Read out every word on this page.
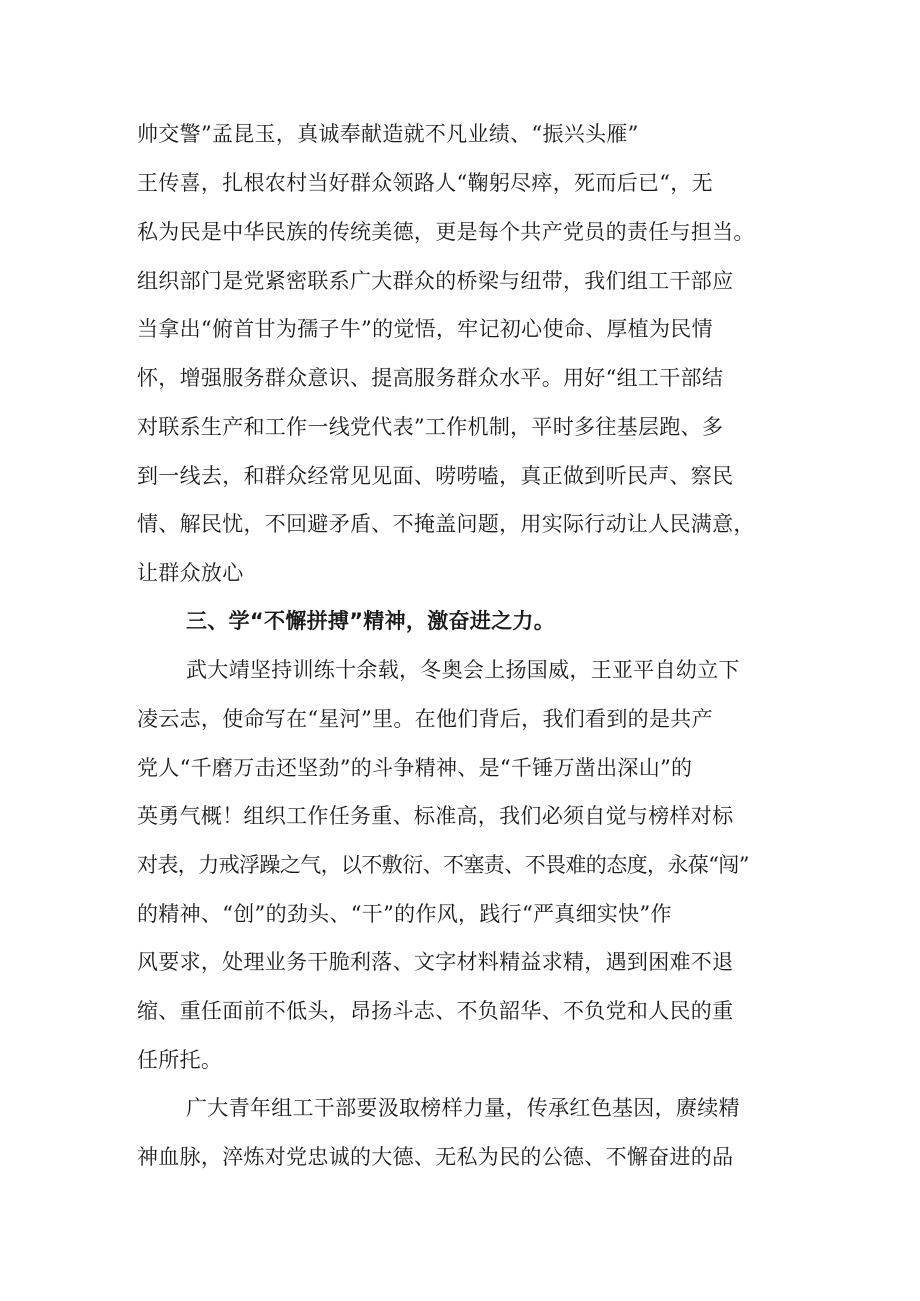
帅交警”孟昆玉，真诚奉献造就不凡业绩、“振兴头雁”
王传喜，扎根农村当好群众领路人“鞠躬尽瘁，死而后已“，无
私为民是中华民族的传统美德，更是每个共产党员的责任与担当。
组织部门是党紧密联系广大群众的桥梁与纽带，我们组工干部应
当拿出“俯首甘为孺子牛”的觉悟，牢记初心使命、厚植为民情
怀，增强服务群众意识、提高服务群众水平。用好“组工干部结
对联系生产和工作一线党代表”工作机制，平时多往基层跑、多
到一线去，和群众经常见见面、唠唠嗑，真正做到听民声、察民
情、解民忧，不回避矛盾、不掩盖问题，用实际行动让人民满意，
让群众放心
三、学“不懈拼搏”精神，激奋进之力。
武大靖坚持训练十余载，冬奥会上扬国威，王亚平自幼立下
凌云志，使命写在“星河”里。在他们背后，我们看到的是共产
党人“千磨万击还坚劲”的斗争精神、是“千锤万凿出深山”的
英勇气概！组织工作任务重、标准高，我们必须自觉与榜样对标
对表，力戒浮躁之气，以不敷衍、不塞责、不畏难的态度，永葆“闯”
的精神、“创”的劲头、“干”的作风，践行“严真细实快”作
风要求，处理业务干脆利落、文字材料精益求精，遇到困难不退
缩、重任面前不低头，昂扬斗志、不负韶华、不负党和人民的重
任所托。
广大青年组工干部要汲取榜样力量，传承红色基因，赓续精
神血脉，淬炼对党忠诚的大德、无私为民的公德、不懈奋进的品
